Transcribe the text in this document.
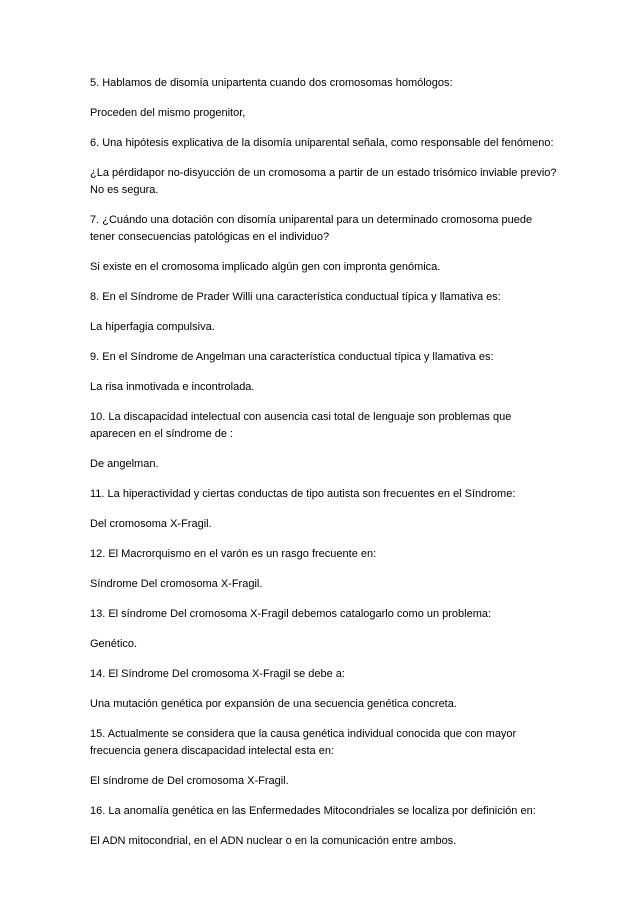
5. Hablamos de disomía unipartenta cuando dos cromosomas homólogos:

Proceden del mismo progenitor,

6. Una hipótesis explicativa de la disomía uniparental señala, como responsable del fenómeno:

¿La pérdidapor no-disyucción de un cromosoma a partir de un estado trisómico inviable previo? No es segura.

7. ¿Cuándo una dotación con disomía uniparental para un determinado cromosoma puede tener consecuencias patológicas en el individuo?

Si existe en el cromosoma implicado algún gen con impronta genómica.

8. En el Síndrome de Prader Willi una característica conductual típica y llamativa es:

La hiperfagia compulsiva.

9. En el Síndrome de Angelman una característica conductual típica y llamativa es:

La risa inmotivada e incontrolada.

10. La discapacidad intelectual con ausencia casi total de lenguaje son problemas que aparecen en el síndrome de :

De angelman.

11. La hiperactividad y ciertas conductas de tipo autista son frecuentes en el Síndrome:

Del cromosoma X-Fragil.

12. El Macrorquismo en el varón es un rasgo frecuente en:

Síndrome Del cromosoma X-Fragil.

13. El síndrome Del cromosoma X-Fragil debemos catalogarlo como un problema:

Genético.

14. El Síndrome Del cromosoma X-Fragil se debe a:

Una mutación genética por expansión de una secuencia genética concreta.

15. Actualmente se considera que la causa genética individual conocida que con mayor frecuencia genera discapacidad intelectal esta en:

El síndrome de Del cromosoma X-Fragil.

16. La anomalía genética en las Enfermedades Mitocondriales se localiza por definición en:

El ADN mitocondrial, en el ADN nuclear o en la comunicación entre ambos.
